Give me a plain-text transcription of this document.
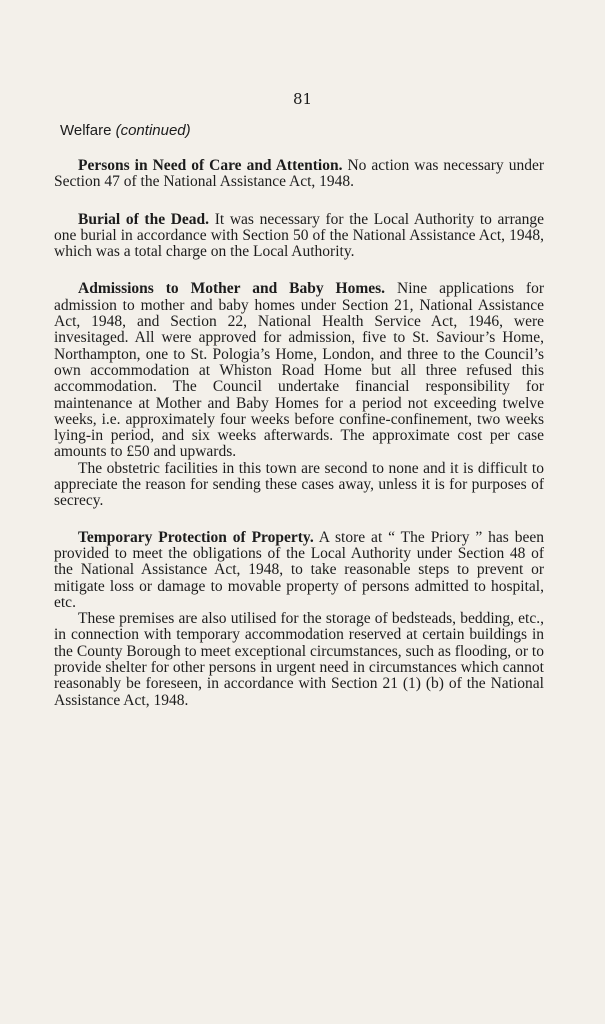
81
Welfare (continued)

Persons in Need of Care and Attention. No action was necessary under Section 47 of the National Assistance Act, 1948.

Burial of the Dead. It was necessary for the Local Authority to arrange one burial in accordance with Section 50 of the National Assistance Act, 1948, which was a total charge on the Local Authority.

Admissions to Mother and Baby Homes. Nine applications for admission to mother and baby homes under Section 21, National Assistance Act, 1948, and Section 22, National Health Service Act, 1946, were invesitaged. All were approved for admission, five to St. Saviour’s Home, Northampton, one to St. Pologia’s Home, London, and three to the Council’s own accommodation at Whiston Road Home but all three refused this accommodation. The Council undertake financial responsibility for maintenance at Mother and Baby Homes for a period not exceeding twelve weeks, i.e. approximately four weeks before confine-confinement, two weeks lying-in period, and six weeks afterwards. The approximate cost per case amounts to £50 and upwards.

The obstetric facilities in this town are second to none and it is difficult to appreciate the reason for sending these cases away, unless it is for purposes of secrecy.

Temporary Protection of Property. A store at “ The Priory ” has been provided to meet the obligations of the Local Authority under Section 48 of the National Assistance Act, 1948, to take reasonable steps to prevent or mitigate loss or damage to movable property of persons admitted to hospital, etc.

These premises are also utilised for the storage of bedsteads, bedding, etc., in connection with temporary accommodation reserved at certain buildings in the County Borough to meet exceptional circumstances, such as flooding, or to provide shelter for other persons in urgent need in circumstances which cannot reasonably be foreseen, in accordance with Section 21 (1) (b) of the National Assistance Act, 1948.
